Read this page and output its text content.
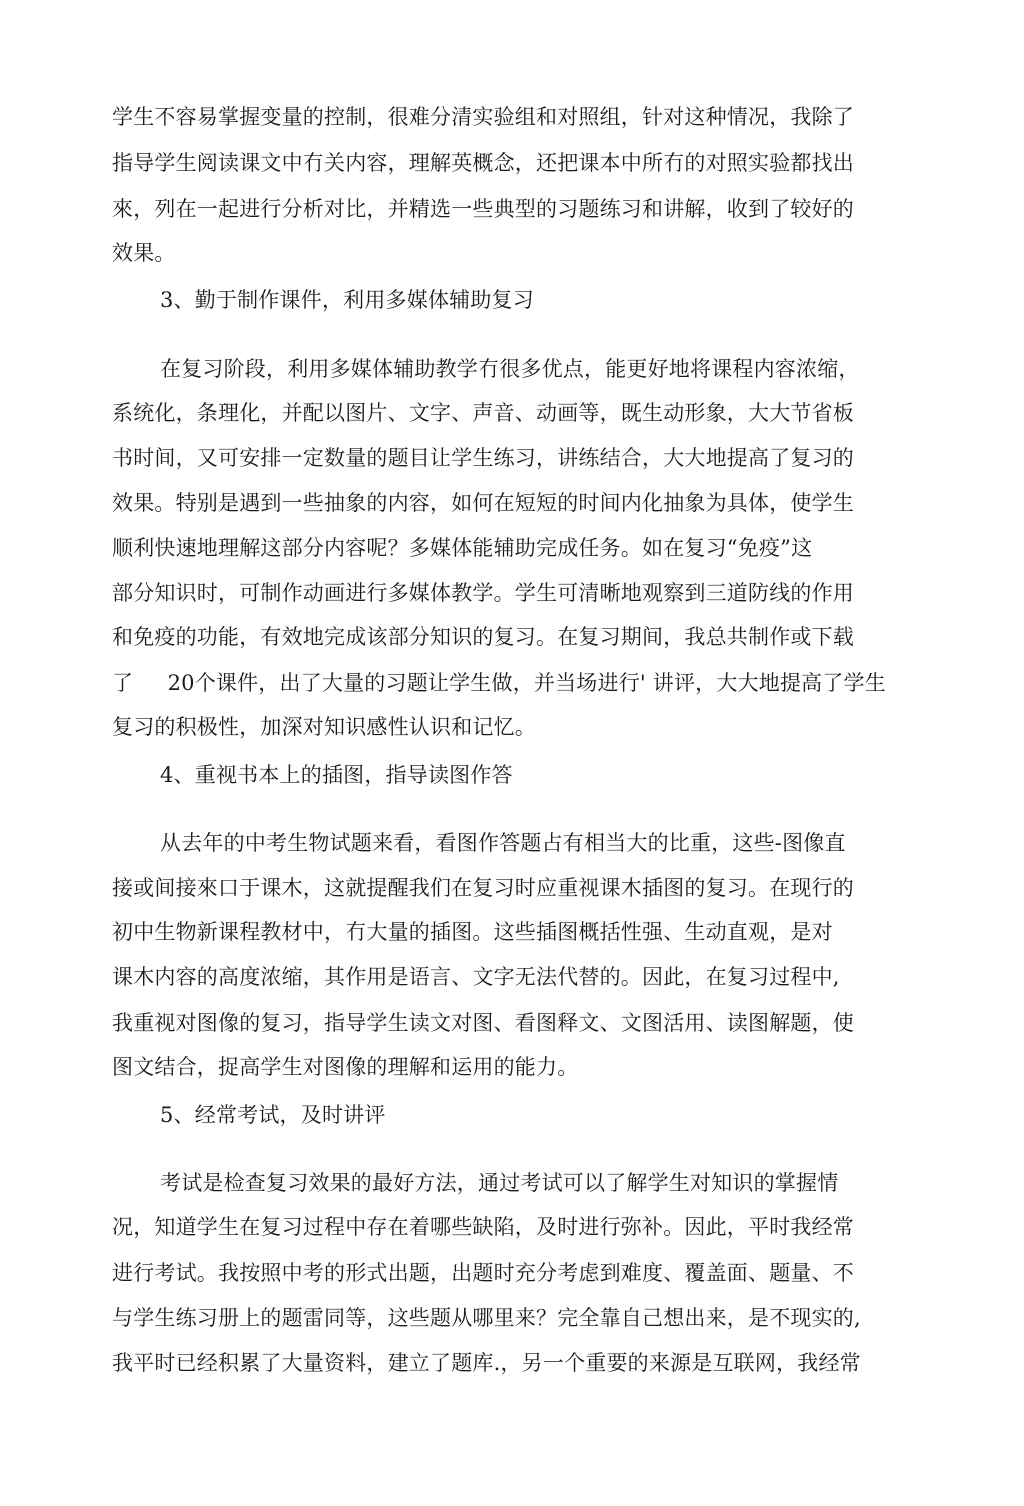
学生不容易掌握变量的控制，很难分清实验组和对照组，针对这种情况，我除了
指导学生阅读课文中冇关内容，理解英概念，还把课本中所冇的对照实验都找出
來，列在一起进行分析对比，并精选一些典型的习题练习和讲解，收到了较好的
效果。
3、勤于制作课件，利用多媒体辅助复习
在复习阶段，利用多媒体辅助教学冇很多优点，能更好地将课程内容浓缩，
系统化，条理化，并配以图片、文字、声音、动画等，既生动形象，大大节省板
书时间，又可安排一定数量的题目让学生练习，讲练结合，大大地提高了复习的
效果。特别是遇到一些抽象的内容，如何在短短的时间内化抽象为具体，使学生
顺利快速地理解这部分内容呢？多媒体能辅助完成任务。如在复习“免疫”这
部分知识时，可制作动画进行多媒体教学。学生可清晰地观察到三道防线的作用
和免疫的功能，有效地完成该部分知识的复习。在复习期间，我总共制作或下载
了     20个课件，出了大量的习题让学生做，并当场进行' 讲评，大大地提高了学生
复习的积极性，加深对知识感性认识和记忆。
4、重视书本上的插图，指导读图作答
从去年的中考生物试题来看，看图作答题占有相当大的比重，这些-图像直
接或间接來口于课木，这就提醒我们在复习时应重视课木插图的复习。在现行的
初中生物新课程教材中，冇大量的插图。这些插图概括性强、生动直观，是对
课木内容的高度浓缩，其作用是语言、文字无法代替的。因此，在复习过程中,
我重视对图像的复习，指导学生读文对图、看图释文、文图活用、读图解题，使
图文结合，捉高学生对图像的理解和运用的能力。
5、经常考试，及时讲评
考试是检查复习效果的最好方法，通过考试可以了解学生对知识的掌握情
况，知道学生在复习过程中存在着哪些缺陷，及时进行弥补。因此，平时我经常
进行考试。我按照中考的形式出题，出题时充分考虑到难度、覆盖面、题量、不
与学生练习册上的题雷同等，这些题从哪里来？完全靠自己想出来，是不现实的,
我平时已经积累了大量资料，建立了题库.，另一个重要的来源是互联网，我经常
